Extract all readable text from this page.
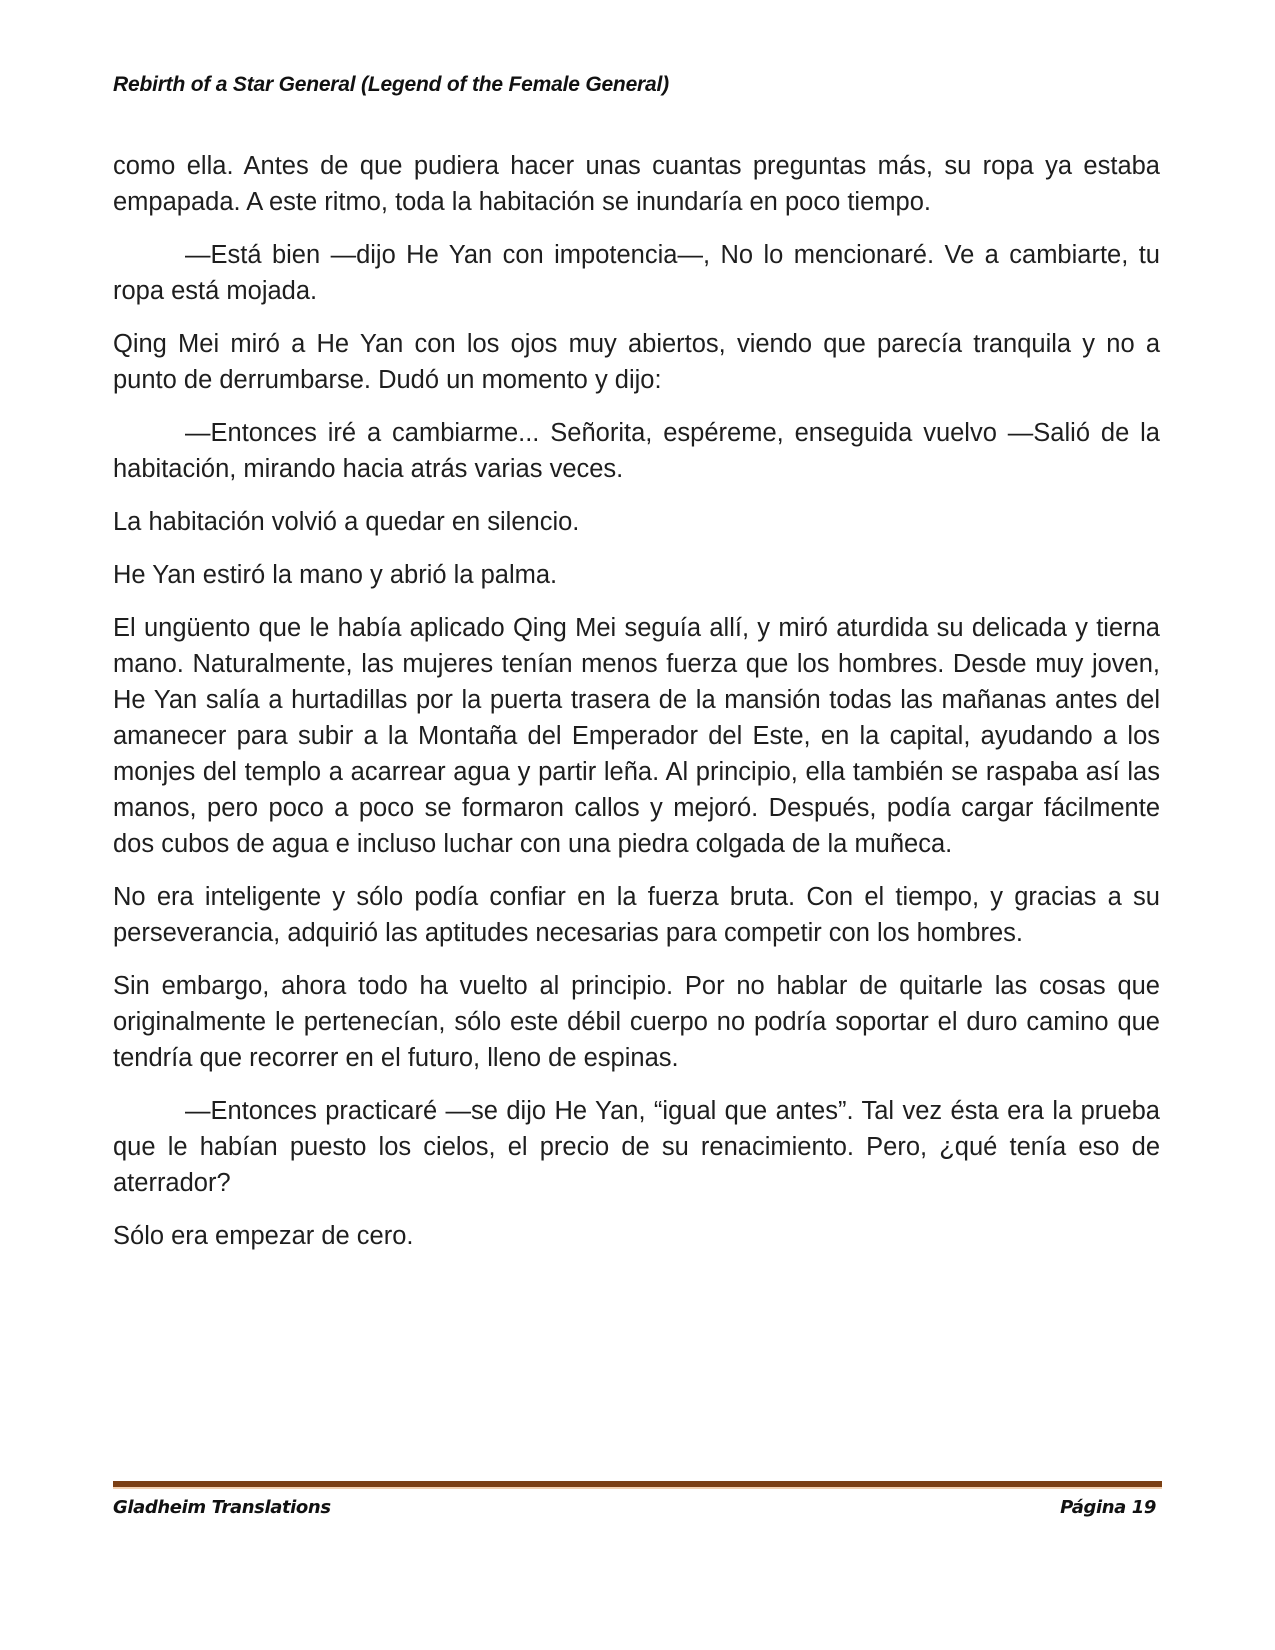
Rebirth of a Star General (Legend of the Female General)

como ella. Antes de que pudiera hacer unas cuantas preguntas más, su ropa ya estaba empapada. A este ritmo, toda la habitación se inundaría en poco tiempo.

—Está bien —dijo He Yan con impotencia—, No lo mencionaré. Ve a cambiarte, tu ropa está mojada.

Qing Mei miró a He Yan con los ojos muy abiertos, viendo que parecía tranquila y no a punto de derrumbarse. Dudó un momento y dijo:

—Entonces iré a cambiarme... Señorita, espéreme, enseguida vuelvo —Salió de la habitación, mirando hacia atrás varias veces.

La habitación volvió a quedar en silencio.

He Yan estiró la mano y abrió la palma.

El ungüento que le había aplicado Qing Mei seguía allí, y miró aturdida su delicada y tierna mano. Naturalmente, las mujeres tenían menos fuerza que los hombres. Desde muy joven, He Yan salía a hurtadillas por la puerta trasera de la mansión todas las mañanas antes del amanecer para subir a la Montaña del Emperador del Este, en la capital, ayudando a los monjes del templo a acarrear agua y partir leña. Al principio, ella también se raspaba así las manos, pero poco a poco se formaron callos y mejoró. Después, podía cargar fácilmente dos cubos de agua e incluso luchar con una piedra colgada de la muñeca.

No era inteligente y sólo podía confiar en la fuerza bruta. Con el tiempo, y gracias a su perseverancia, adquirió las aptitudes necesarias para competir con los hombres.

Sin embargo, ahora todo ha vuelto al principio. Por no hablar de quitarle las cosas que originalmente le pertenecían, sólo este débil cuerpo no podría soportar el duro camino que tendría que recorrer en el futuro, lleno de espinas.

—Entonces practicaré —se dijo He Yan, “igual que antes”. Tal vez ésta era la prueba que le habían puesto los cielos, el precio de su renacimiento. Pero, ¿qué tenía eso de aterrador?

Sólo era empezar de cero.

Gladheim Translations	Página 19
